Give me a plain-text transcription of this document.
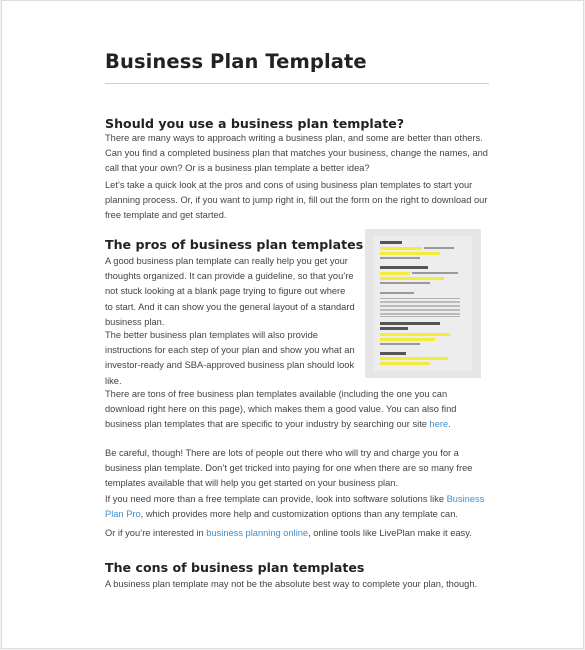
Business Plan Template
Should you use a business plan template?

There are many ways to approach writing a business plan, and some are better than others. Can you find a completed business plan that matches your business, change the names, and call that your own? Or is a business plan template a better idea?

Let’s take a quick look at the pros and cons of using business plan templates to start your planning process. Or, if you want to jump right in, fill out the form on the right to download our free template and get started.

The pros of business plan templates

A good business plan template can really help you get your thoughts organized. It can provide a guideline, so that you’re not stuck looking at a blank page trying to figure out where to start. And it can show you the general layout of a standard business plan.

The better business plan templates will also provide instructions for each step of your plan and show you what an investor-ready and SBA-approved business plan should look like.

There are tons of free business plan templates available (including the one you can download right here on this page), which makes them a good value. You can also find business plan templates that are specific to your industry by searching our site here.

Be careful, though! There are lots of people out there who will try and charge you for a business plan template. Don’t get tricked into paying for one when there are so many free templates available that will help you get started on your business plan.

If you need more than a free template can provide, look into software solutions like Business Plan Pro, which provides more help and customization options than any template can.

Or if you’re interested in business planning online, online tools like LivePlan make it easy.

The cons of business plan templates

A business plan template may not be the absolute best way to complete your plan, though.
